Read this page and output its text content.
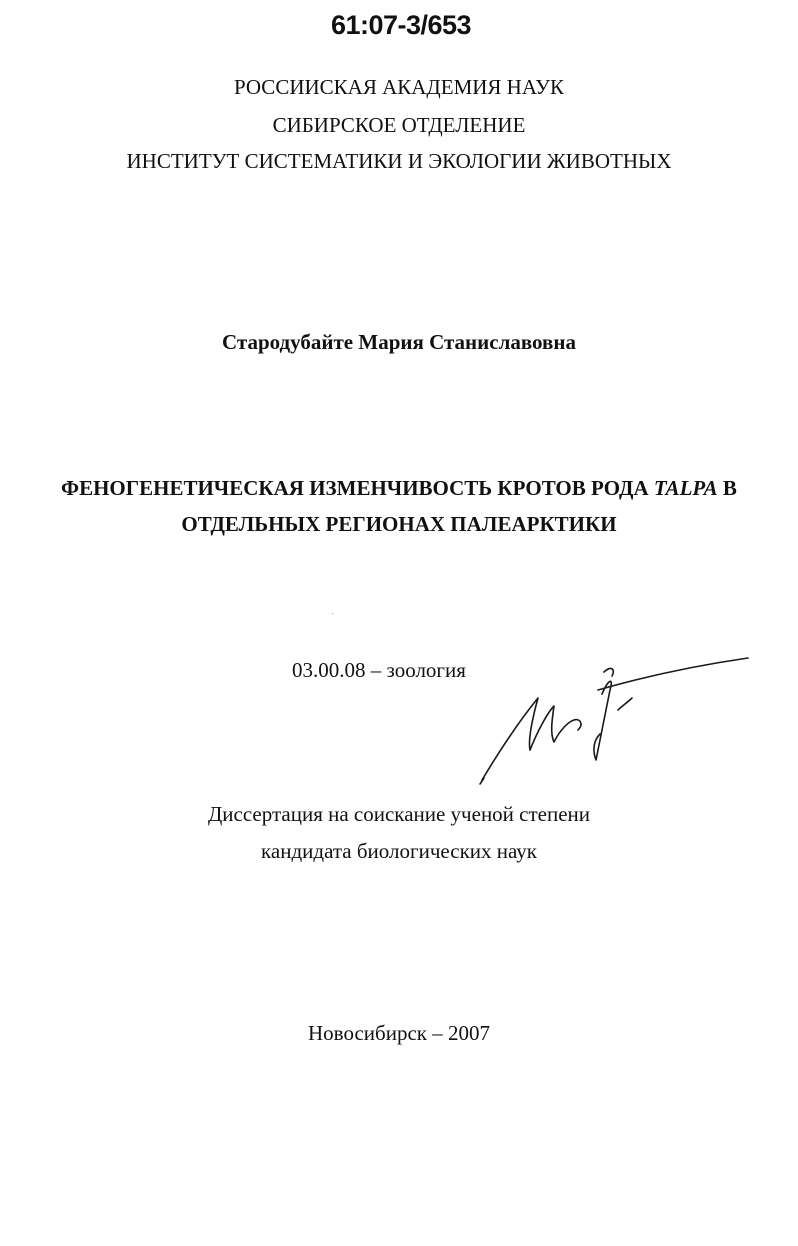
61:07-3/653
РОССИИСКАЯ АКАДЕМИЯ НАУК
СИБИРСКОЕ ОТДЕЛЕНИЕ
ИНСТИТУТ СИСТЕМАТИКИ И ЭКОЛОГИИ ЖИВОТНЫХ
Стародубайте Мария Станиславовна
ФЕНОГЕНЕТИЧЕСКАЯ ИЗМЕНЧИВОСТЬ КРОТОВ РОДА TALPA В
ОТДЕЛЬНЫХ РЕГИОНАХ ПАЛЕАРКТИКИ
03.00.08 – зоология
Диссертация на соискание ученой степени
кандидата биологических наук
Новосибирск – 2007
